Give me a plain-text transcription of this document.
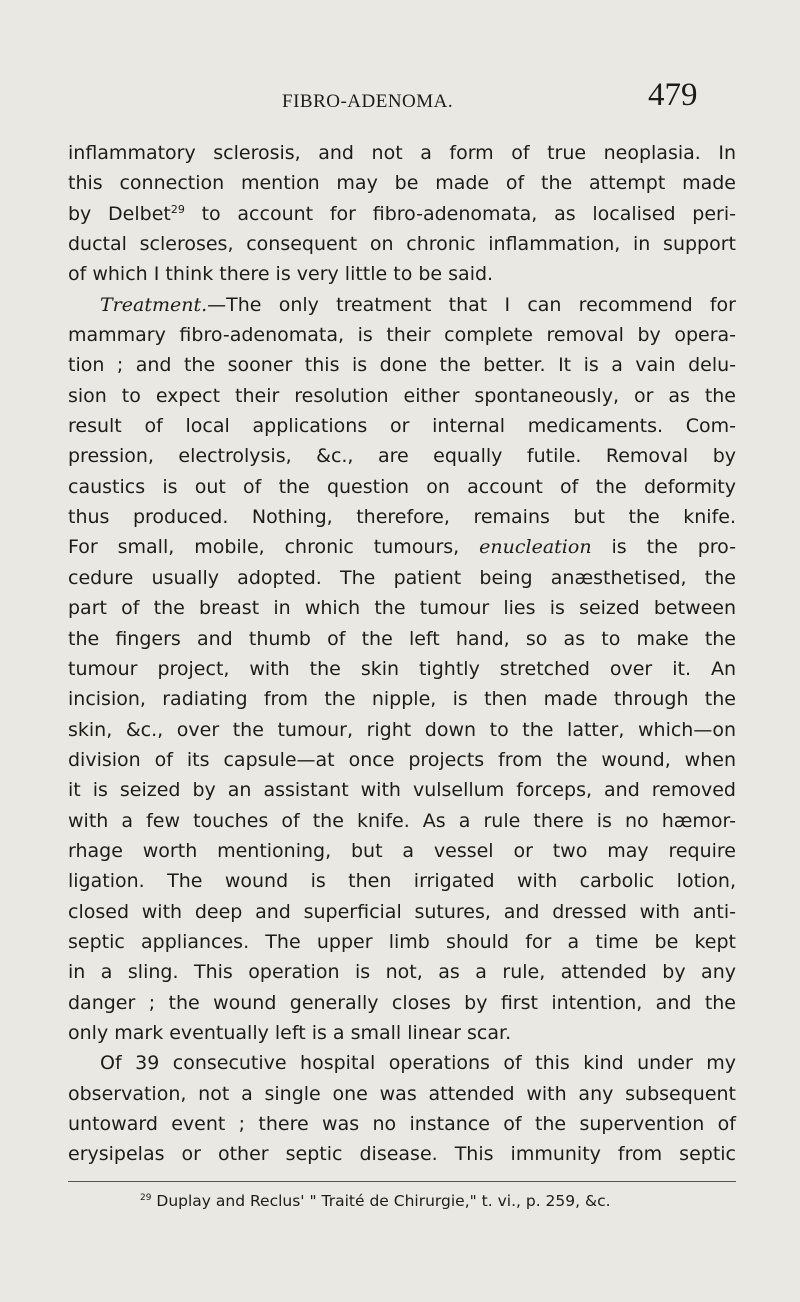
FIBRO-ADENOMA.	479
inflammatory sclerosis, and not a form of true neoplasia. In
this connection mention may be made of the attempt made
by Delbet$^{29}$ to account for fibro-adenomata, as localised peri-
ductal scleroses, consequent on chronic inflammation, in support
of which I think there is very little to be said.
Treatment.—The only treatment that I can recommend for
mammary fibro-adenomata, is their complete removal by opera-
tion ; and the sooner this is done the better. It is a vain delu-
sion to expect their resolution either spontaneously, or as the
result of local applications or internal medicaments. Com-
pression, electrolysis, &c., are equally futile. Removal by
caustics is out of the question on account of the deformity
thus produced. Nothing, therefore, remains but the knife.
For small, mobile, chronic tumours, enucleation is the pro-
cedure usually adopted. The patient being anæsthetised, the
part of the breast in which the tumour lies is seized between
the fingers and thumb of the left hand, so as to make the
tumour project, with the skin tightly stretched over it. An
incision, radiating from the nipple, is then made through the
skin, &c., over the tumour, right down to the latter, which—on
division of its capsule—at once projects from the wound, when
it is seized by an assistant with vulsellum forceps, and removed
with a few touches of the knife. As a rule there is no hæmor-
rhage worth mentioning, but a vessel or two may require
ligation. The wound is then irrigated with carbolic lotion,
closed with deep and superficial sutures, and dressed with anti-
septic appliances. The upper limb should for a time be kept
in a sling. This operation is not, as a rule, attended by any
danger ; the wound generally closes by first intention, and the
only mark eventually left is a small linear scar.
Of 39 consecutive hospital operations of this kind under my
observation, not a single one was attended with any subsequent
untoward event ; there was no instance of the supervention of
erysipelas or other septic disease. This immunity from septic
$^{29}$ Duplay and Reclus' " Traité de Chirurgie," t. vi., p. 259, &c.
